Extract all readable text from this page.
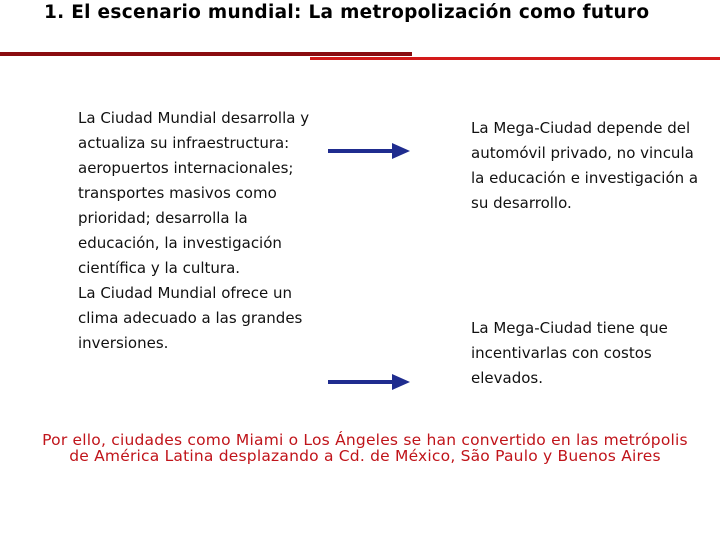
1. El escenario mundial: La metropolización como futuro

La Ciudad Mundial desarrolla y actualiza su infraestructura: aeropuertos internacionales; transportes masivos como prioridad; desarrolla la educación, la investigación científica y la cultura.

La Ciudad Mundial ofrece un clima adecuado a las grandes inversiones.

La Mega-Ciudad depende del automóvil privado, no vincula la educación e investigación a su desarrollo.
La Mega-Ciudad tiene que incentivarlas con costos elevados.
Por ello, ciudades como Miami o Los Ángeles se han convertido en las metrópolis de América Latina desplazando a Cd. de México, São Paulo y Buenos Aires
